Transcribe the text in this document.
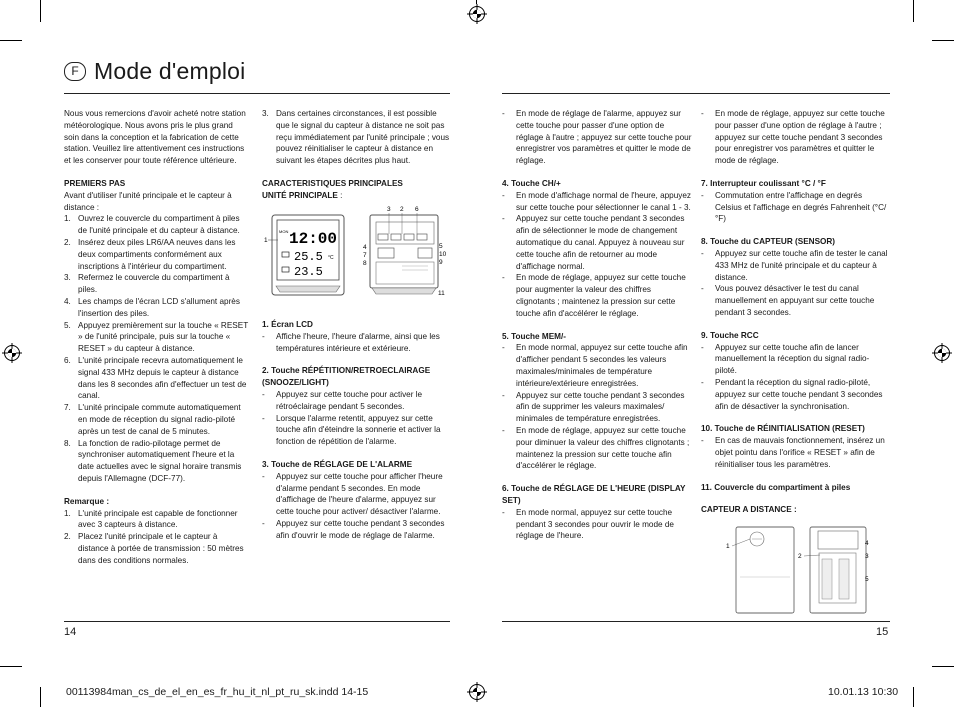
F Mode d'emploi

Nous vous remercions d'avoir acheté notre station météorologique. Nous avons pris le plus grand soin dans la conception et la fabrication de cette station. Veuillez lire attentivement ces instructions et les conserver pour toute référence ultérieure.

PREMIERS PAS

Avant d'utiliser l'unité principale et le capteur à distance :

1. Ouvrez le couvercle du compartiment à piles de l'unité principale et du capteur à distance.
2. Insérez deux piles LR6/AA neuves dans les deux compartiments conformément aux inscriptions à l'intérieur du compartiment.
3. Refermez le couvercle du compartiment à piles.
4. Les champs de l'écran LCD s'allument après l'insertion des piles.
5. Appuyez premièrement sur la touche « RESET » de l'unité principale, puis sur la touche « RESET » du capteur à distance.
6. L'unité principale recevra automatiquement le signal 433 MHz depuis le capteur à distance dans les 8 secondes afin d'effectuer un test de canal.
7. L'unité principale commute automatiquement en mode de réception du signal radio-piloté après un test de canal de 5 minutes.
8. La fonction de radio-pilotage permet de synchroniser automatiquement l'heure et la date actuelles avec le signal horaire transmis depuis l'Allemagne (DCF-77).

Remarque :

1. L'unité principale est capable de fonctionner avec 3 capteurs à distance.
2. Placez l'unité principale et le capteur à distance à portée de transmission : 50 mètres dans des conditions normales.
3. Dans certaines circonstances, il est possible que le signal du capteur à distance ne soit pas reçu immédiatement par l'unité principale ; vous pouvez réinitialiser le capteur à distance en suivant les étapes décrites plus haut.

CARACTERISTIQUES PRINCIPALES

UNITÉ PRINCIPALE :

MON 12:00
25.5
23.5
°C
1
2
3	6
4
7
8
5
10
9
11

1. Écran LCD

- Affiche l'heure, l'heure d'alarme, ainsi que les températures intérieure et extérieure.

2. Touche RÉPÉTITION/RETROECLAIRAGE (SNOOZE/LIGHT)

- Appuyez sur cette touche pour activer le rétroéclairage pendant 5 secondes.
- Lorsque l'alarme retentit, appuyez sur cette touche afin d'éteindre la sonnerie et activer la fonction de répétition de l'alarme.

3. Touche de RÉGLAGE DE L'ALARME

- Appuyez sur cette touche pour afficher l'heure d'alarme pendant 5 secondes. En mode d'affichage de l'heure d'alarme, appuyez sur cette touche pour activer/ désactiver l'alarme.
- Appuyez sur cette touche pendant 3 secondes afin d'ouvrir le mode de réglage de l'alarme.
- En mode de réglage de l'alarme, appuyez sur cette touche pour passer d'une option de réglage à l'autre ; appuyez sur cette touche pour enregistrer vos paramètres et quitter le mode de réglage.

4. Touche CH/+

- En mode d'affichage normal de l'heure, appuyez sur cette touche pour sélectionner le canal 1 - 3.
- Appuyez sur cette touche pendant 3 secondes afin de sélectionner le mode de changement automatique du canal. Appuyez à nouveau sur cette touche afin de retourner au mode d'affichage normal.
- En mode de réglage, appuyez sur cette touche pour augmenter la valeur des chiffres clignotants ; maintenez la pression sur cette touche afin d'accélérer le réglage.

5. Touche MEM/-

- En mode normal, appuyez sur cette touche afin d'afficher pendant 5 secondes les valeurs maximales/minimales de température intérieure/extérieure enregistrées.
- Appuyez sur cette touche pendant 3 secondes afin de supprimer les valeurs maximales/ minimales de température enregistrées.
- En mode de réglage, appuyez sur cette touche pour diminuer la valeur des chiffres clignotants ; maintenez la pression sur cette touche afin d'accélérer le réglage.

6. Touche de RÉGLAGE DE L'HEURE (DISPLAY SET)

- En mode normal, appuyez sur cette touche pendant 3 secondes pour ouvrir le mode de réglage de l'heure.
- En mode de réglage, appuyez sur cette touche pour passer d'une option de réglage à l'autre ; appuyez sur cette touche pendant 3 secondes pour enregistrer vos paramètres et quitter le mode de réglage.

7. Interrupteur coulissant °C / °F

- Commutation entre l'affichage en degrés Celsius et l'affichage en degrés Fahrenheit (°C/°F)

8. Touche du CAPTEUR (SENSOR)

- Appuyez sur cette touche afin de tester le canal 433 MHz de l'unité principale et du capteur à distance.
- Vous pouvez désactiver le test du canal manuellement en appuyant sur cette touche pendant 3 secondes.

9. Touche RCC

- Appuyez sur cette touche afin de lancer manuellement la réception du signal radio-piloté.
- Pendant la réception du signal radio-piloté, appuyez sur cette touche pendant 3 secondes afin de désactiver la synchronisation.

10. Touche de RÉINITIALISATION (RESET)

- En cas de mauvais fonctionnement, insérez un objet pointu dans l'orifice « RESET » afin de réinitialiser tous les paramètres.

11. Couvercle du compartiment à piles

CAPTEUR A DISTANCE :

1
2
4
3
5
14	15
00113984man_cs_de_el_en_es_fr_hu_it_nl_pt_ru_sk.indd 14-15	10.01.13 10:30
